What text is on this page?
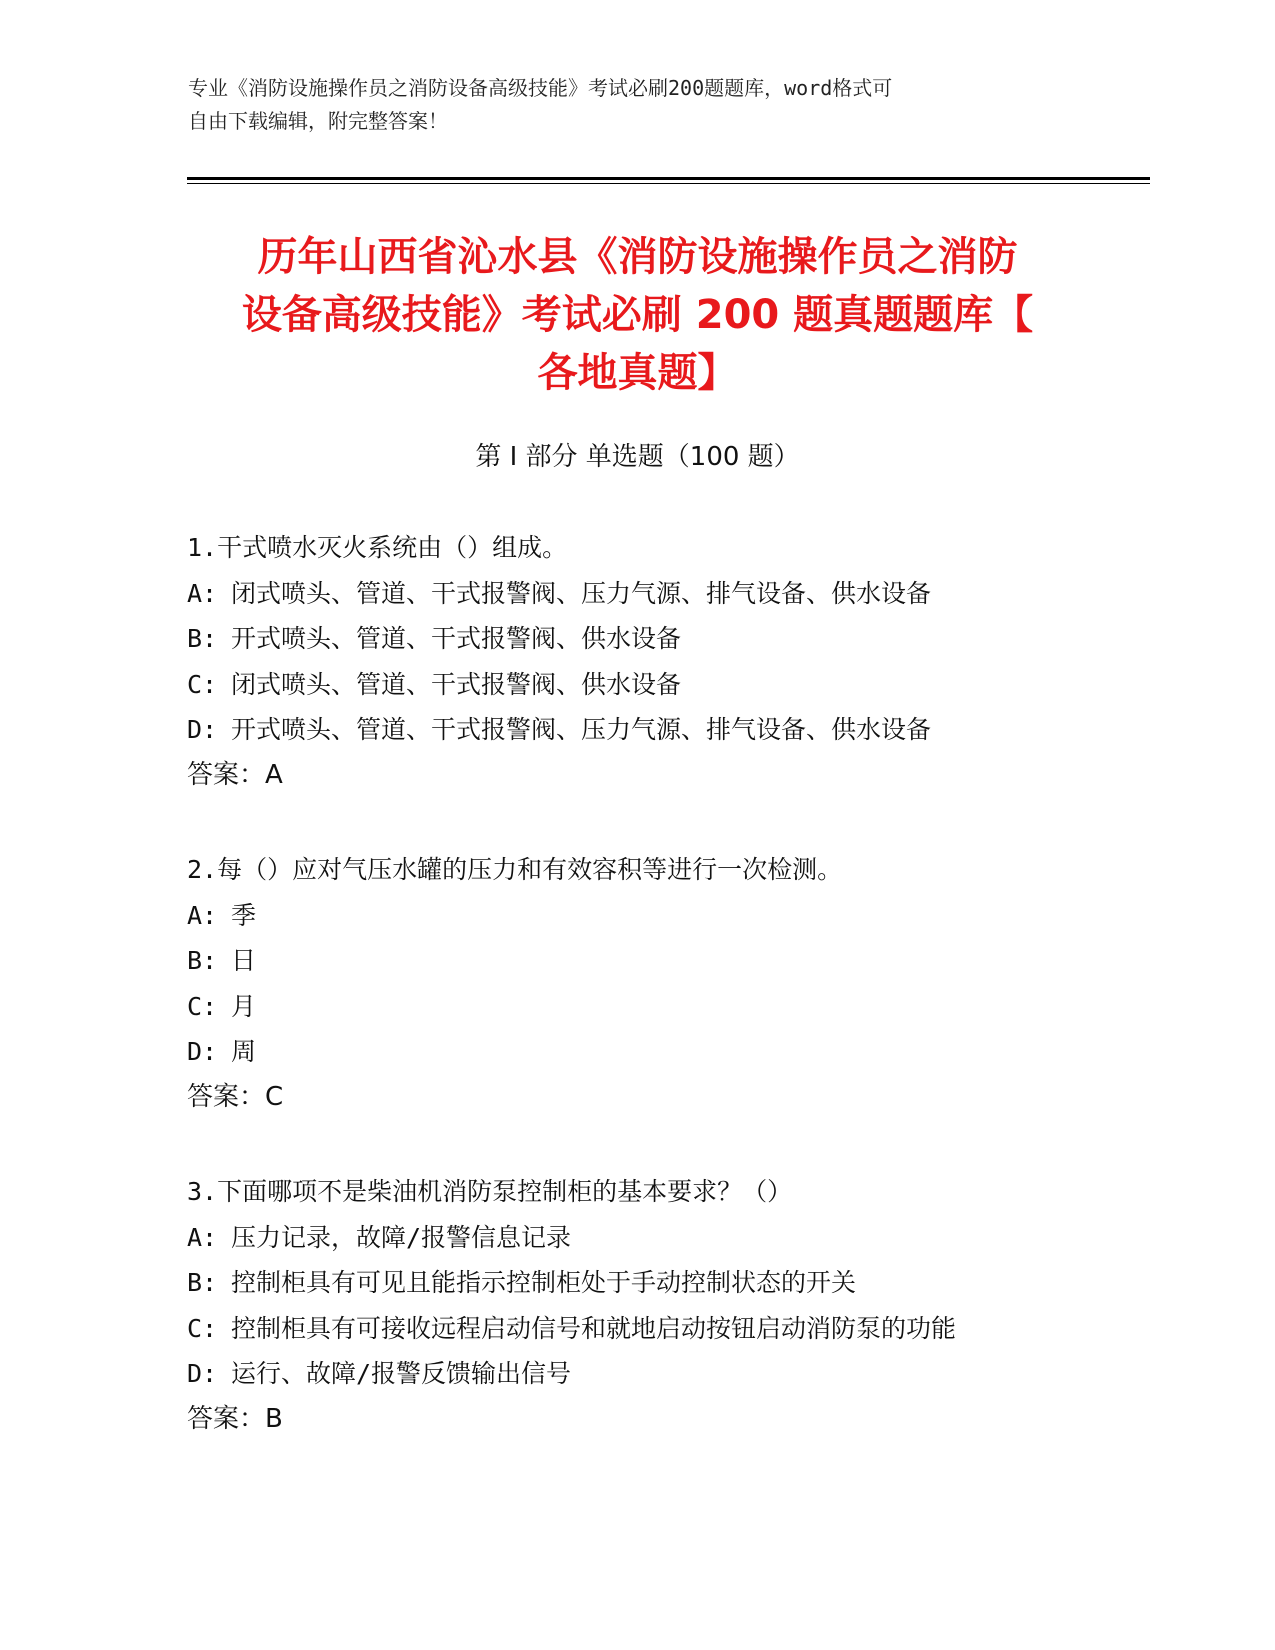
专业《消防设施操作员之消防设备高级技能》考试必刷200题题库，word格式可
自由下载编辑，附完整答案！
历年山西省沁水县《消防设施操作员之消防
设备高级技能》考试必刷 200 题真题题库【
各地真题】
第 I 部分 单选题（100 题）
1.干式喷水灭火系统由（）组成。
A: 闭式喷头、管道、干式报警阀、压力气源、排气设备、供水设备
B: 开式喷头、管道、干式报警阀、供水设备
C: 闭式喷头、管道、干式报警阀、供水设备
D: 开式喷头、管道、干式报警阀、压力气源、排气设备、供水设备
答案：A
2.每（）应对气压水罐的压力和有效容积等进行一次检测。
A: 季
B: 日
C: 月
D: 周
答案：C
3.下面哪项不是柴油机消防泵控制柜的基本要求？（）
A: 压力记录，故障/报警信息记录
B: 控制柜具有可见且能指示控制柜处于手动控制状态的开关
C: 控制柜具有可接收远程启动信号和就地启动按钮启动消防泵的功能
D: 运行、故障/报警反馈输出信号
答案：B
